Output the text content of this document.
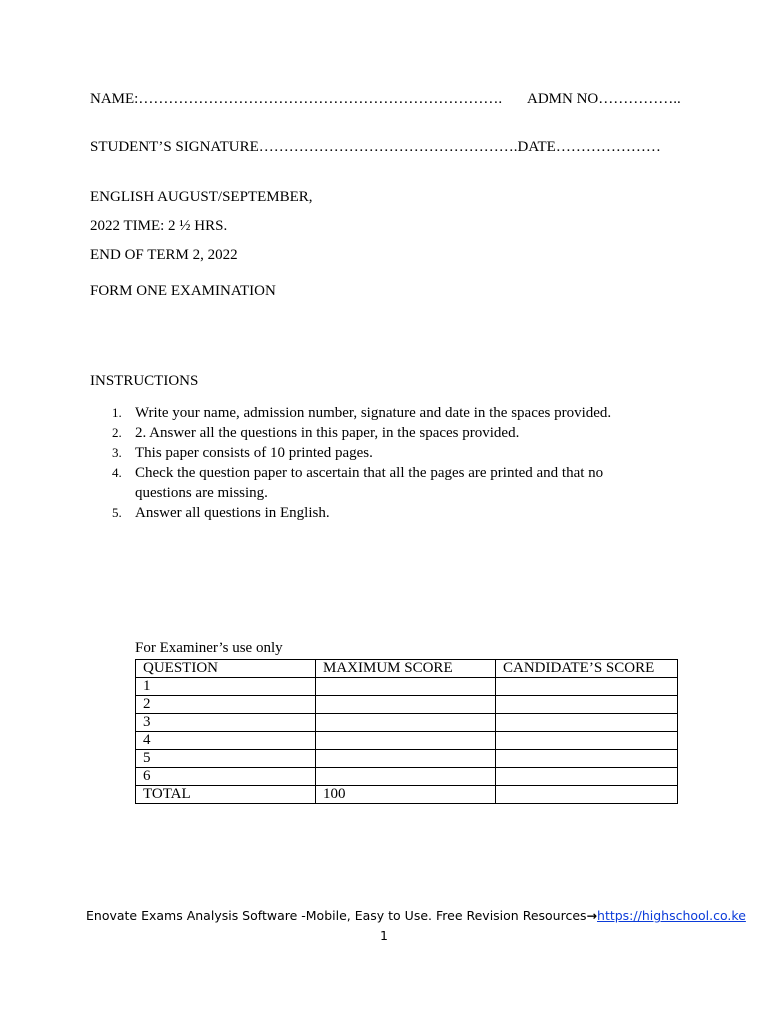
NAME:………………………………………………………………. ADMN NO……………..
STUDENT’S SIGNATURE…………………………………………….DATE…………………
ENGLISH AUGUST/SEPTEMBER,
2022 TIME: 2 ½ HRS.
END OF TERM 2, 2022
FORM ONE EXAMINATION
INSTRUCTIONS
1. Write your name, admission number, signature and date in the spaces provided.
2. 2. Answer all the questions in this paper, in the spaces provided.
3. This paper consists of 10 printed pages.
4. Check the question paper to ascertain that all the pages are printed and that no questions are missing.
5. Answer all questions in English.
For Examiner’s use only
QUESTION	MAXIMUM SCORE	CANDIDATE’S SCORE
1		
2		
3		
4		
5		
6		
TOTAL	100	
Enovate Exams Analysis Software -Mobile, Easy to Use. Free Revision Resources→https://highschool.co.ke
1
